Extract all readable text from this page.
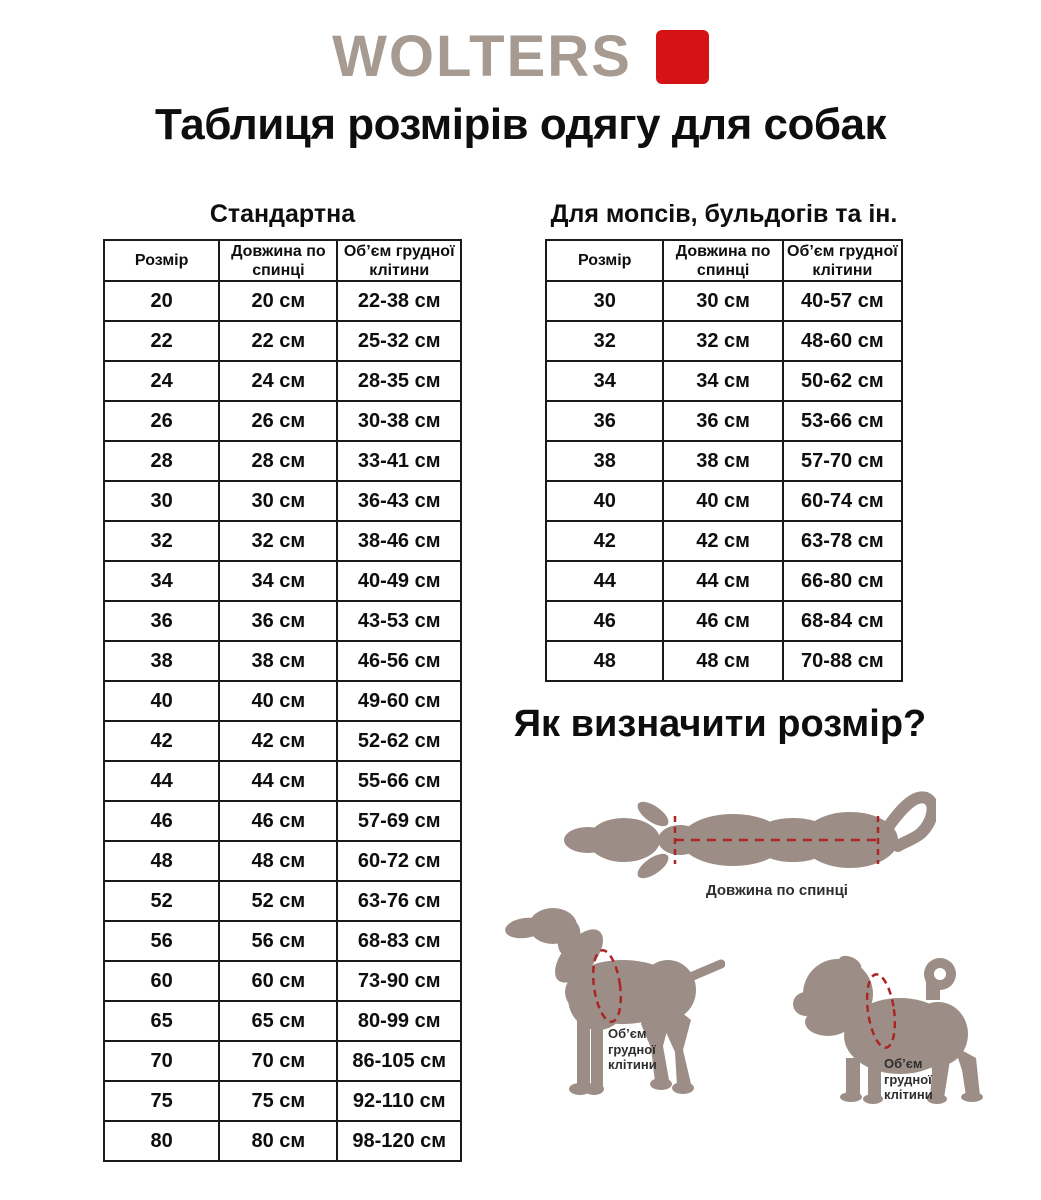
WOLTERS
Таблиця розмірів одягу для собак
Стандартна
Розмір	Довжина по спинці	Об’єм грудної клітини
20	20 см	22-38 см
22	22 см	25-32 см
24	24 см	28-35 см
26	26 см	30-38 см
28	28 см	33-41 см
30	30 см	36-43 см
32	32 см	38-46 см
34	34 см	40-49 см
36	36 см	43-53 см
38	38 см	46-56 см
40	40 см	49-60 см
42	42 см	52-62 см
44	44 см	55-66 см
46	46 см	57-69 см
48	48 см	60-72 см
52	52 см	63-76 см
56	56 см	68-83 см
60	60 см	73-90 см
65	65 см	80-99 см
70	70 см	86-105 см
75	75 см	92-110 см
80	80 см	98-120 см
Для мопсів, бульдогів та ін.
Розмір	Довжина по спинці	Об’єм грудної клітини
30	30 см	40-57 см
32	32 см	48-60 см
34	34 см	50-62 см
36	36 см	53-66 см
38	38 см	57-70 см
40	40 см	60-74 см
42	42 см	63-78 см
44	44 см	66-80 см
46	46 см	68-84 см
48	48 см	70-88 см
Як визначити розмір?
Довжина по спинці
Об’єм
грудної
клітини	Об’єм
грудної
клітини
